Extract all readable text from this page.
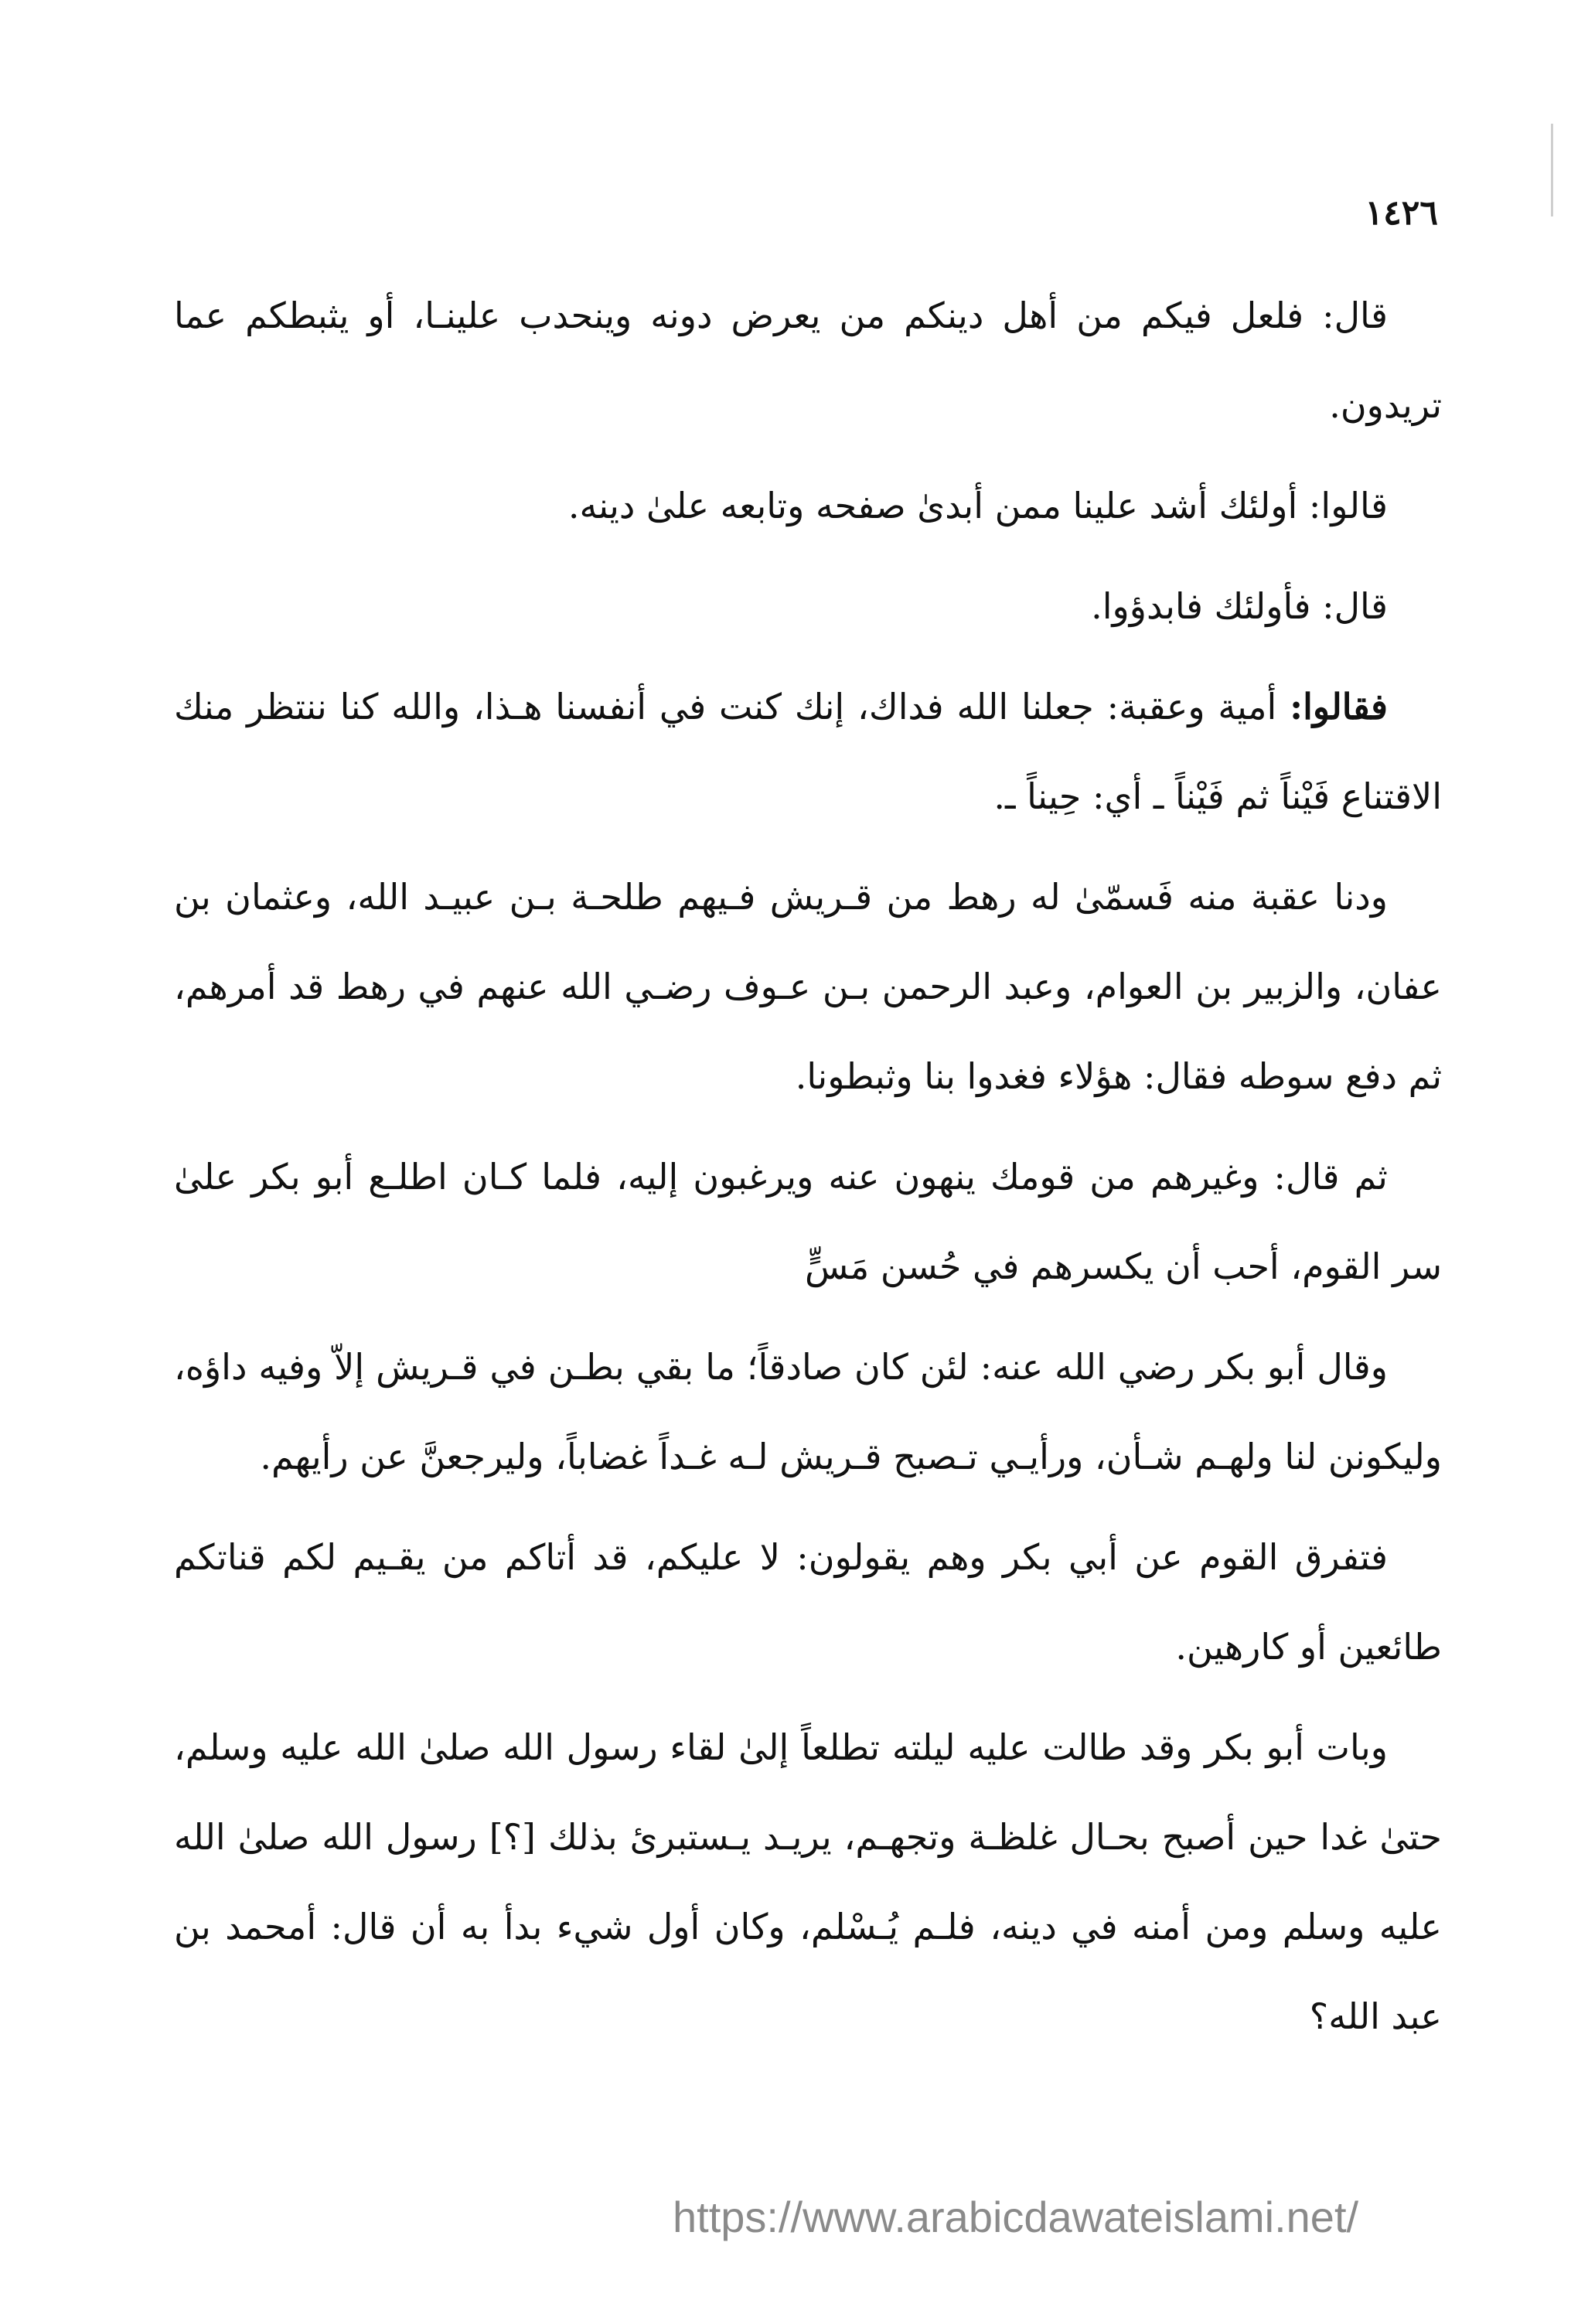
١٤٢٦

قال: فلعل فيكم من أهل دينكم من يعرض دونه وينحدب علينـا، أو يثبطكم عما تريدون.

قالوا: أولئك أشد علينا ممن أبدىٰ صفحه وتابعه علىٰ دينه.

قال: فأولئك فابدؤوا.

فقالوا: أمية وعقبة: جعلنا الله فداك، إنك كنت في أنفسنا هـذا، والله كنا ننتظر منك الاقتناع فَيْناً ثم فَيْناً ـ أي: حِيناً ـ.

ودنا عقبة منه فَسمّىٰ له رهط من قـريش فـيهم طلحـة بـن عبيـد الله، وعثمان بن عفان، والزبير بن العوام، وعبد الرحمن بـن عـوف رضـي الله عنهم في رهط قد أمرهم، ثم دفع سوطه فقال: هؤلاء فغدوا بنا وثبطونا.

ثم قال: وغيرهم من قومك ينهون عنه ويرغبون إليه، فلما كـان اطلـع أبو بكر علىٰ سر القوم، أحب أن يكسرهم في حُسن مَسٍّ

وقال أبو بكر رضي الله عنه: لئن كان صادقاً؛ ما بقي بطـن في قـريش إلاّ وفيه داؤه، وليكونن لنا ولهـم شـأن، ورأيـي تـصبح قـريش لـه غـداً غضاباً، وليرجعنَّ عن رأيهم.

فتفرق القوم عن أبي بكر وهم يقولون: لا عليكم، قد أتاكم من يقـيم لكم قناتكم طائعين أو كارهين.

وبات أبو بكر وقد طالت عليه ليلته تطلعاً إلىٰ لقاء رسول الله صلىٰ الله عليه وسلم، حتىٰ غدا حين أصبح بحـال غلظـة وتجهـم، يريـد يـستبرئ بذلك [؟] رسول الله صلىٰ الله عليه وسلم ومن أمنه في دينه، فلـم يُـسْلم، وكان أول شيء بدأ به أن قال: أمحمد بن عبد الله؟

https://www.arabicdawateislami.net/
